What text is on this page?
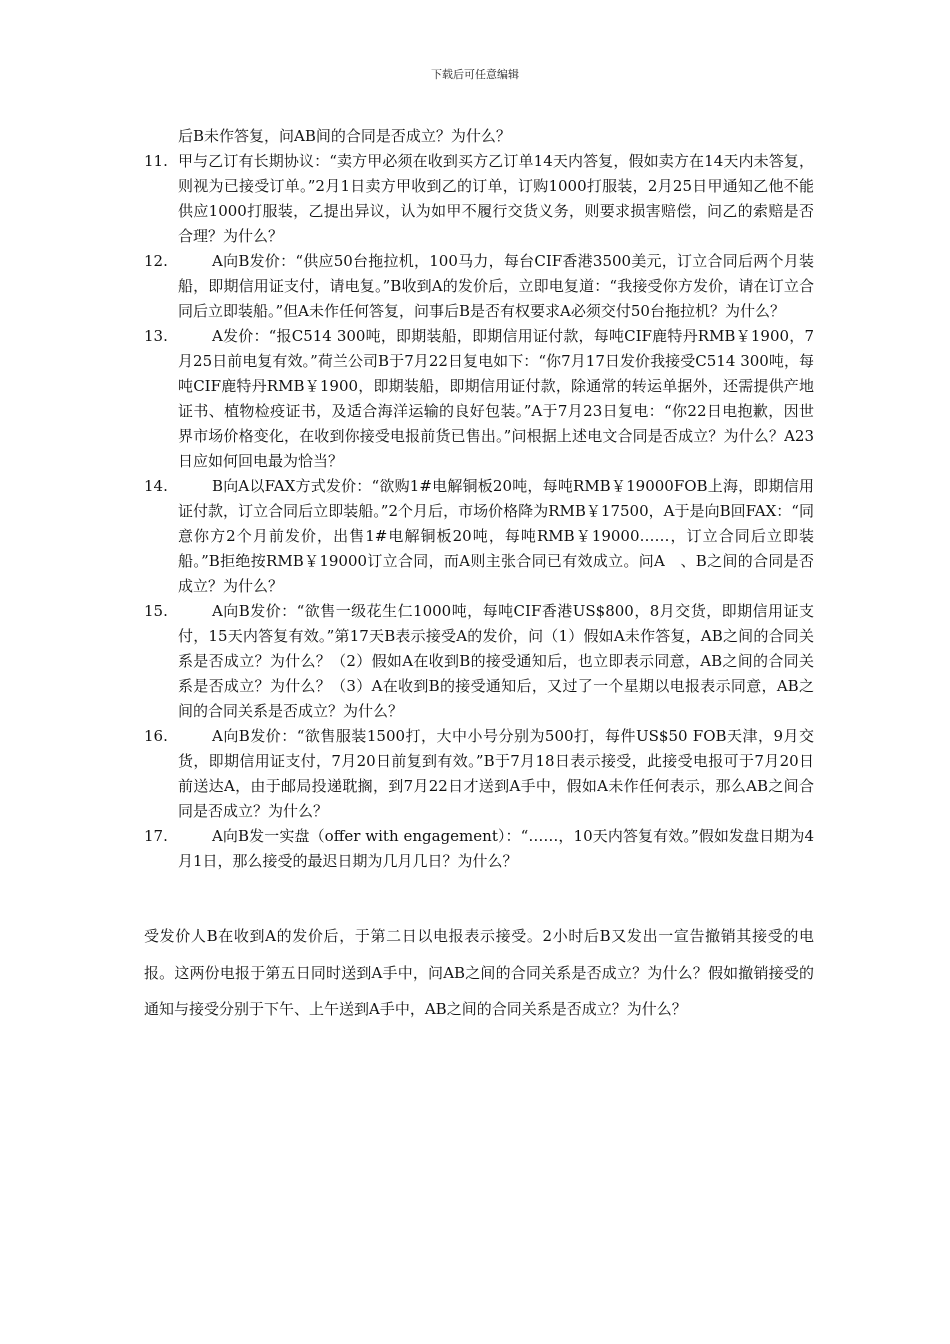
下载后可任意编辑
后B未作答复，问AB间的合同是否成立？为什么？
11. 甲与乙订有长期协议：“卖方甲必须在收到买方乙订单14天内答复，假如卖方在14天内未答复，则视为已接受订单。”2月1日卖方甲收到乙的订单，订购1000打服装，2月25日甲通知乙他不能供应1000打服装，乙提出异议，认为如甲不履行交货义务，则要求损害赔偿，问乙的索赔是否合理？为什么？
12.	A向B发价：“供应50台拖拉机，100马力，每台CIF香港3500美元，订立合同后两个月装船，即期信用证支付，请电复。”B收到A的发价后，立即电复道：“我接受你方发价，请在订立合同后立即装船。”但A未作任何答复，问事后B是否有权要求A必须交付50台拖拉机？为什么？
13.	A发价：“报C514 300吨，即期装船，即期信用证付款，每吨CIF鹿特丹RMB￥1900，7月25日前电复有效。”荷兰公司B于7月22日复电如下：“你7月17日发价我接受C514 300吨，每吨CIF鹿特丹RMB￥1900，即期装船，即期信用证付款，除通常的转运单据外，还需提供产地证书、植物检疫证书，及适合海洋运输的良好包装。”A于7月23日复电：“你22日电抱歉，因世界市场价格变化，在收到你接受电报前货已售出。”问根据上述电文合同是否成立？为什么？A23日应如何回电最为恰当？
14.	B向A以FAX方式发价：“欲购1#电解铜板20吨，每吨RMB￥19000FOB上海，即期信用证付款，订立合同后立即装船。”2个月后，市场价格降为RMB￥17500，A于是向B回FAX：“同意你方2个月前发价，出售1#电解铜板20吨，每吨RMB￥19000……，订立合同后立即装船。”B拒绝按RMB￥19000订立合同，而A则主张合同已有效成立。问A　、B之间的合同是否成立？为什么？
15.	A向B发价：“欲售一级花生仁1000吨，每吨CIF香港US$800，8月交货，即期信用证支付，15天内答复有效。”第17天B表示接受A的发价，问（1）假如A未作答复，AB之间的合同关系是否成立？为什么？（2）假如A在收到B的接受通知后，也立即表示同意，AB之间的合同关系是否成立？为什么？（3）A在收到B的接受通知后，又过了一个星期以电报表示同意，AB之间的合同关系是否成立？为什么？
16.	A向B发价：“欲售服装1500打，大中小号分别为500打，每件US$50 FOB天津，9月交货，即期信用证支付，7月20日前复到有效。”B于7月18日表示接受，此接受电报可于7月20日前送达A，由于邮局投递耽搁，到7月22日才送到A手中，假如A未作任何表示，那么AB之间合同是否成立？为什么？
17.	A向B发一实盘（offer with engagement）：“……，10天内答复有效。”假如发盘日期为4月1日，那么接受的最迟日期为几月几日？为什么？
受发价人B在收到A的发价后，于第二日以电报表示接受。2小时后B又发出一宣告撤销其接受的电报。这两份电报于第五日同时送到A手中，问AB之间的合同关系是否成立？为什么？假如撤销接受的通知与接受分别于下午、上午送到A手中，AB之间的合同关系是否成立？为什么？
